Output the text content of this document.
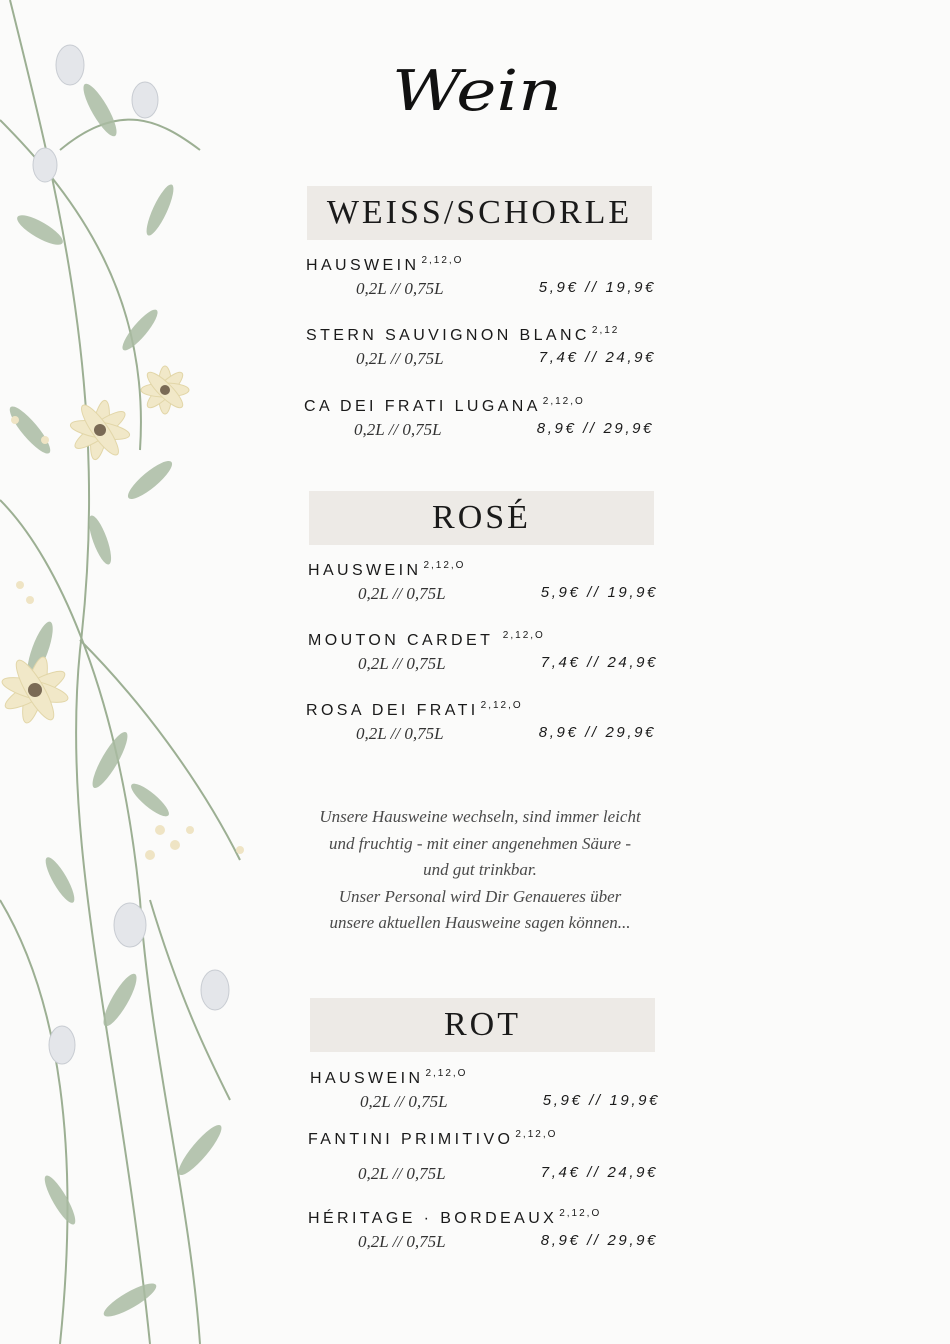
Wein
WEISS/SCHORLE
HAUSWEIN $^{2,12,O}$
0,2L // 0,75L	5,9€ // 19,9€
STERN SAUVIGNON BLANC $^{2,12}$
0,2L // 0,75L	7,4€ // 24,9€
CA DEI FRATI LUGANA $^{2,12,O}$
0,2L // 0,75L	8,9€ // 29,9€
ROSÉ
HAUSWEIN $^{2,12,O}$
0,2L // 0,75L	5,9€ // 19,9€
MOUTON CARDET $^{2,12,O}$
0,2L // 0,75L	7,4€ // 24,9€
ROSA DEI FRATI $^{2,12,O}$
0,2L // 0,75L	8,9€ // 29,9€
Unsere Hausweine wechseln, sind immer leicht
und fruchtig - mit einer angenehmen Säure -
und gut trinkbar.
Unser Personal wird Dir Genaueres über
unsere aktuellen Hausweine sagen können...
ROT
HAUSWEIN $^{2,12,O}$
0,2L // 0,75L	5,9€ // 19,9€
FANTINI PRIMITIVO $^{2,12,O}$
0,2L // 0,75L	7,4€ // 24,9€
HÉRITAGE · BORDEAUX $^{2,12,O}$
0,2L // 0,75L	8,9€ // 29,9€
